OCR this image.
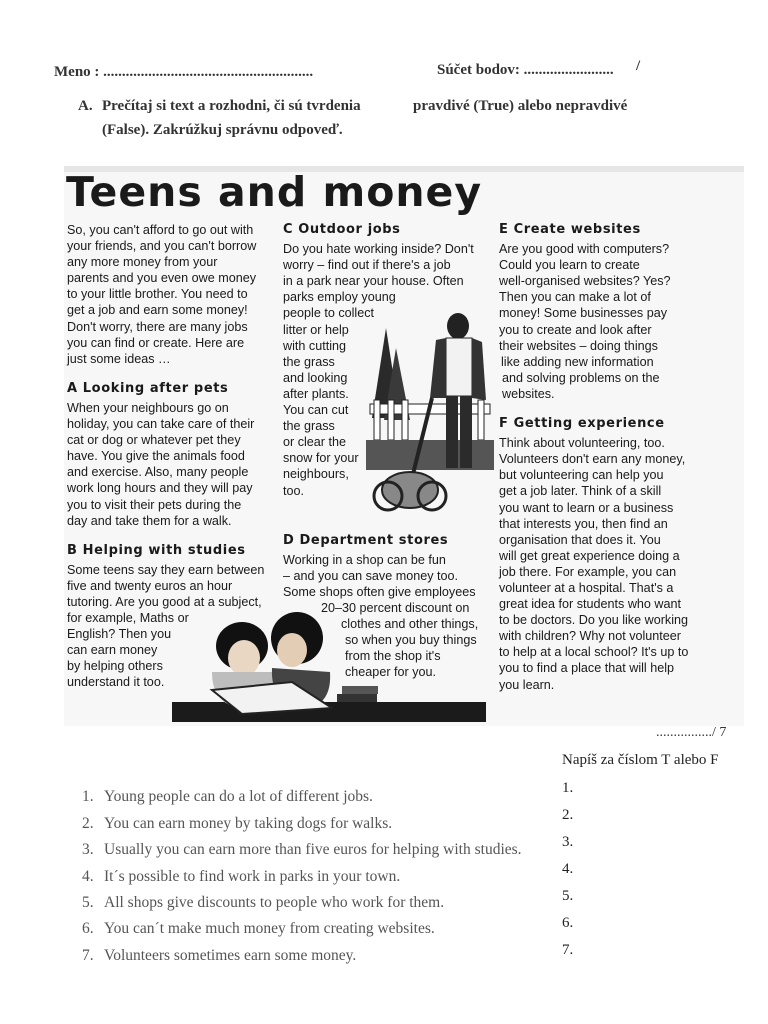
Meno : ........................................................	Súčet bodov: ........................ /
A. Prečítaj si text a rozhodni, či sú tvrdenia	pravdivé (True) alebo nepravdivé
(False). Zakrúžkuj správnu odpoveď.
Teens and money

So, you can't afford to go out with

your friends, and you can't borrow

any more money from your

parents and you even owe money

to your little brother. You need to

get a job and earn some money!

Don't worry, there are many jobs

you can find or create. Here are

just some ideas …

A Looking after pets

When your neighbours go on

holiday, you can take care of their

cat or dog or whatever pet they

have. You give the animals food

and exercise. Also, many people

work long hours and they will pay

you to visit their pets during the

day and take them for a walk.

B Helping with studies

Some teens say they earn between

five and twenty euros an hour

tutoring. Are you good at a subject,

for example, Maths or

English? Then you

can earn money

by helping others

understand it too.

C Outdoor jobs

Do you hate working inside? Don't

worry – find out if there's a job

in a park near your house. Often

parks employ young

people to collect

litter or help

with cutting

the grass

and looking

after plants.

You can cut

the grass

or clear the

snow for your

neighbours,

too.

D Department stores

Working in a shop can be fun

– and you can save money too.

Some shops often give employees

20–30 percent discount on

clothes and other things,

so when you buy things

from the shop it's

cheaper for you.

E Create websites

Are you good with computers?

Could you learn to create

well-organised websites? Yes?

Then you can make a lot of

money! Some businesses pay

you to create and look after

their websites – doing things

like adding new information

and solving problems on the

websites.

F Getting experience

Think about volunteering, too.

Volunteers don't earn any money,

but volunteering can help you

get a job later. Think of a skill

you want to learn or a business

that interests you, then find an

organisation that does it. You

will get great experience doing a

job there. For example, you can

volunteer at a hospital. That's a

great idea for students who want

to be doctors. Do you like working

with children? Why not volunteer

to help at a local school? It's up to

you to find a place that will help

you learn.

................/ 7
Napíš za číslom T alebo F
1.
2.
3.
4.
5.
6.
7.
1. Young people can do a lot of different jobs.
2. You can earn money by taking dogs for walks.
3. Usually you can earn more than five euros for helping with studies.
4. It´s possible to find work in parks in your town.
5. All shops give discounts to people who work for them.
6. You can´t make much money from creating websites.
7. Volunteers sometimes earn some money.
